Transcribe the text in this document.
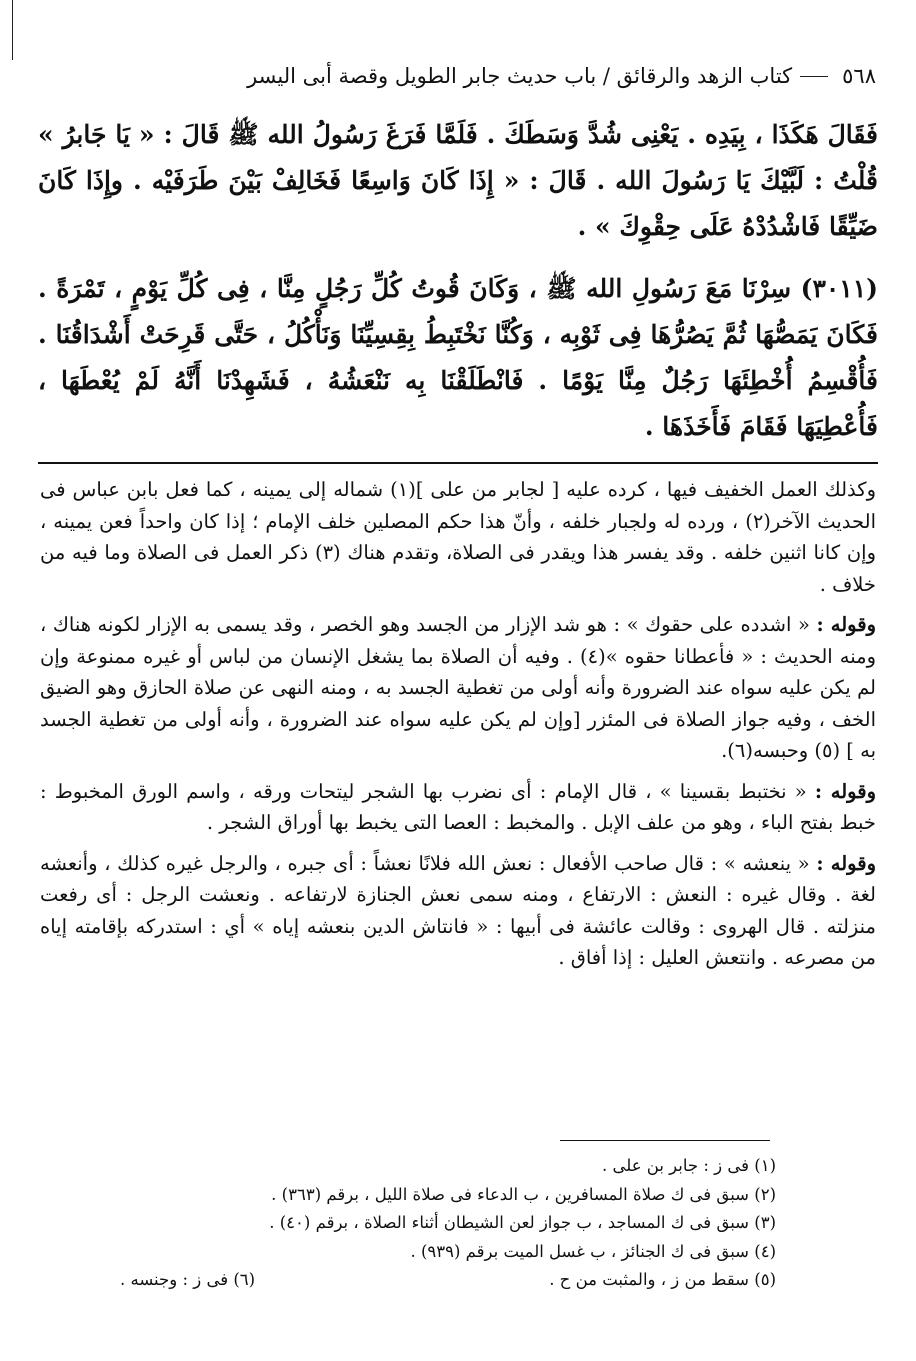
٥٦٨
كتاب الزهد والرقائق / باب حديث جابر الطويل وقصة أبى اليسر

فَقَالَ هَكَذَا ، بِيَدِه . يَعْنِى شُدَّ وَسَطَكَ . فَلَمَّا فَرَغَ رَسُولُ الله ﷺ قَالَ : « يَا جَابرُ » قُلْتُ : لَبَّيْكَ يَا رَسُولَ الله . قَالَ : « إِذَا كَانَ وَاسِعًا فَخَالِفْ بَيْنَ طَرَفَيْه . وإِذَا كَانَ ضَيِّقًا فَاشْدُدْهُ عَلَى حِقْوِكَ » .

(٣٠١١) سِرْنَا مَعَ رَسُولِ الله ﷺ ، وَكَانَ قُوتُ كُلِّ رَجُلٍ مِنَّا ، فِى كُلِّ يَوْمٍ ، تَمْرَةً . فَكَانَ يَمَصُّهَا ثُمَّ يَصُرُّهَا فِى ثَوْبِه ، وَكُنَّا نَخْتَبِطُ بِقِسِيِّنَا وَنَأْكُلُ ، حَتَّى قَرِحَتْ أَشْدَاقُنَا . فَأُقْسِمُ أُخْطِئَهَا رَجُلٌ مِنَّا يَوْمًا . فَانْطَلَقْنَا بِه نَنْعَشُهُ ، فَشَهِدْنَا أَنَّهُ لَمْ يُعْطَهَا ، فَأُعْطِيَهَا فَقَامَ فَأَخَذَهَا .

وكذلك العمل الخفيف فيها ، كرده عليه [ لجابر من على ](١) شماله إلى يمينه ، كما فعل بابن عباس فى الحديث الآخر(٢) ، ورده له ولجبار خلفه ، وأنّ هذا حكم المصلين خلف الإمام ؛ إذا كان واحداً فعن يمينه ، وإن كانا اثنين خلفه . وقد يفسر هذا ويقدر فى الصلاة، وتقدم هناك (٣) ذكر العمل فى الصلاة وما فيه من خلاف .

وقوله : « اشدده على حقوك » : هو شد الإزار من الجسد وهو الخصر ، وقد يسمى به الإزار لكونه هناك ، ومنه الحديث : « فأعطانا حقوه »(٤) . وفيه أن الصلاة بما يشغل الإنسان من لباس أو غيره ممنوعة وإن لم يكن عليه سواه عند الضرورة وأنه أولى من تغطية الجسد به ، ومنه النهى عن صلاة الحازق وهو الضيق الخف ، وفيه جواز الصلاة فى المئزر [وإن لم يكن عليه سواه عند الضرورة ، وأنه أولى من تغطية الجسد به ] (٥) وحبسه(٦).

وقوله : « نختبط بقسينا » ، قال الإمام : أى نضرب بها الشجر ليتحات ورقه ، واسم الورق المخبوط : خبط بفتح الباء ، وهو من علف الإبل . والمخبط : العصا التى يخبط بها أوراق الشجر .

وقوله : « ينعشه » : قال صاحب الأفعال : نعش الله فلانًا نعشاً : أى جبره ، والرجل غيره كذلك ، وأنعشه لغة . وقال غيره : النعش : الارتفاع ، ومنه سمى نعش الجنازة لارتفاعه . ونعشت الرجل : أى رفعت منزلته . قال الهروى : وقالت عائشة فى أبيها : « فانتاش الدين بنعشه إياه » أي : استدركه بإقامته إياه من مصرعه . وانتعش العليل : إذا أفاق .

(١) فى ز : جابر بن على .
(٢) سبق فى ك صلاة المسافرين ، ب الدعاء فى صلاة الليل ، برقم (٣٦٣) .
(٣) سبق فى ك المساجد ، ب جواز لعن الشيطان أثناء الصلاة ، برقم (٤٠) .
(٤) سبق فى ك الجنائز ، ب غسل الميت برقم (٩٣٩) .
(٥) سقط من ز ، والمثبت من ح .
(٦) فى ز : وجنسه .
